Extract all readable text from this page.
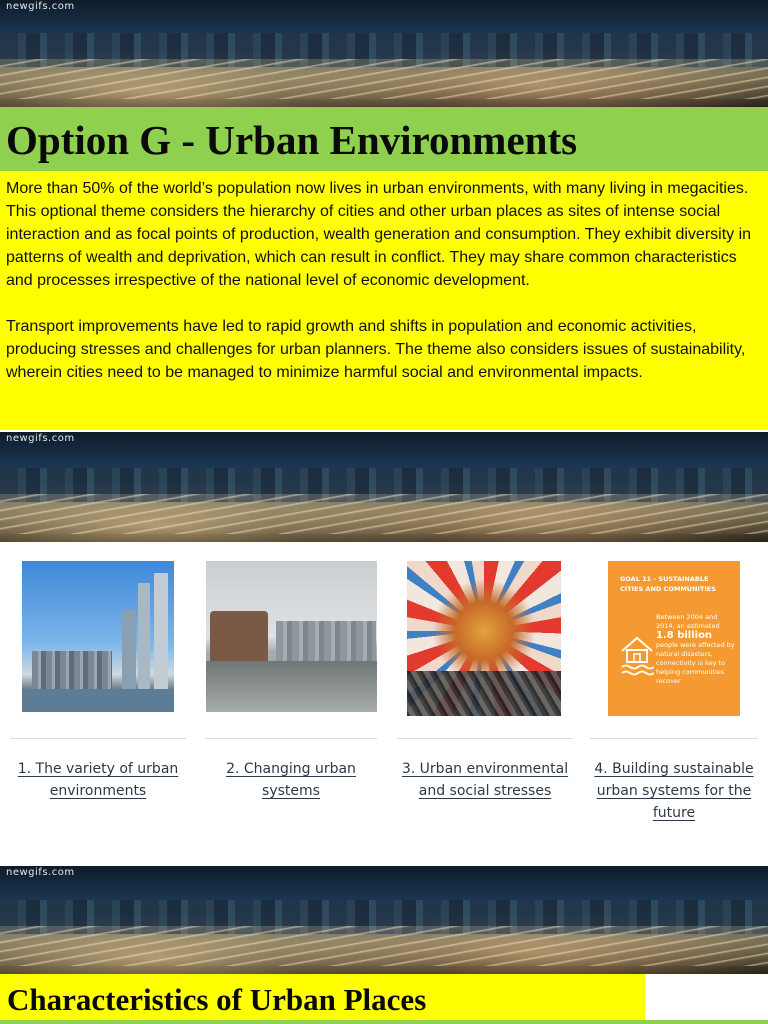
newgifs.com
Option G - Urban Environments

More than 50% of the world’s population now lives in urban environments, with many living in megacities. This optional theme considers the hierarchy of cities and other urban places as sites of intense social interaction and as focal points of production, wealth generation and consumption. They exhibit diversity in patterns of wealth and deprivation, which can result in conflict. They may share common characteristics and processes irrespective of the national level of economic development.

Transport improvements have led to rapid growth and shifts in population and economic activities, producing stresses and challenges for urban planners. The theme also considers issues of sustainability, wherein cities need to be managed to minimize harmful social and environmental impacts.

newgifs.com
GOAL 11 - SUSTAINABLE CITIES AND COMMUNITIES
Between 2004 and 2014, an estimated 1.8 billion people were affected by natural disasters, connectivity is key to helping communities recover
1. The variety of urban environments
2. Changing urban systems
3. Urban environmental and social stresses
4. Building sustainable urban systems for the future
newgifs.com
Characteristics of Urban Places
